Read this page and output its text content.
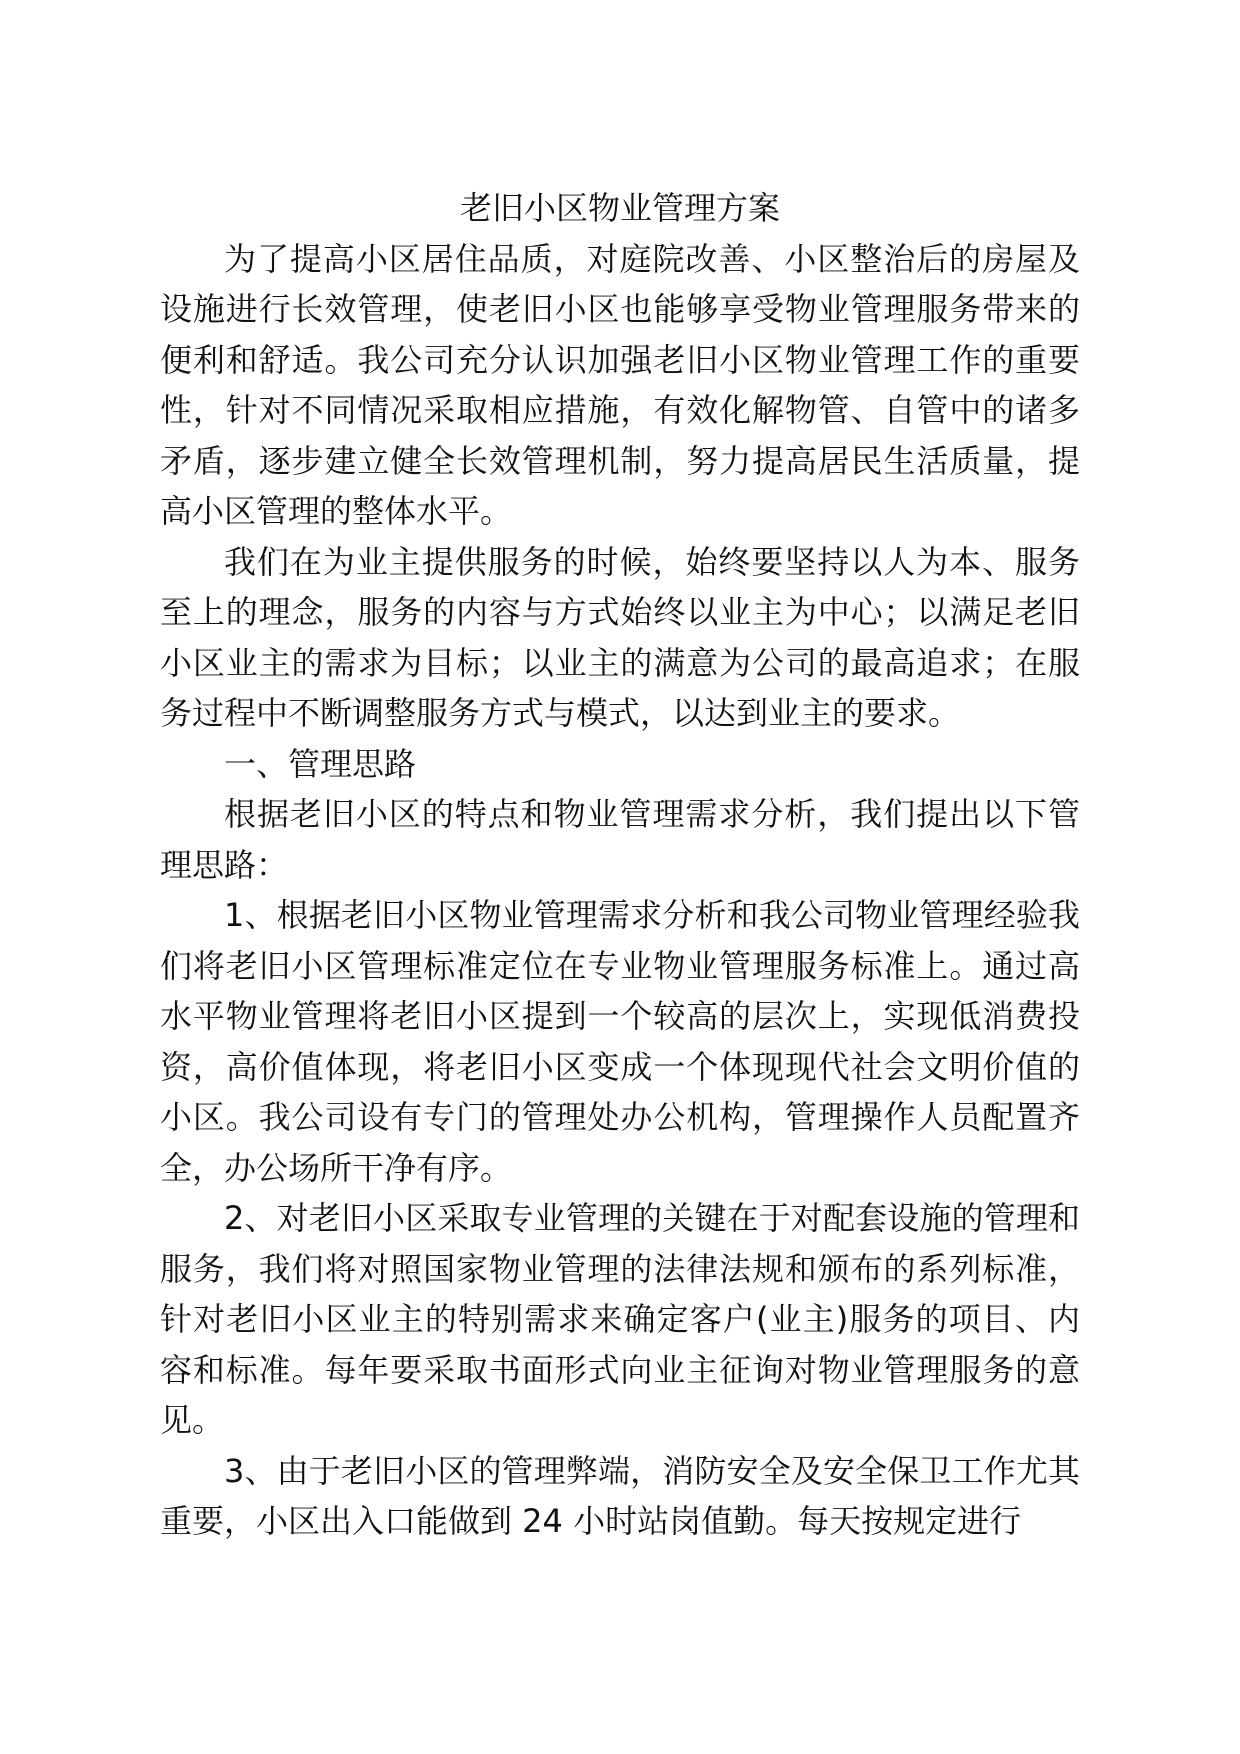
老旧小区物业管理方案

为了提高小区居住品质，对庭院改善、小区整治后的房屋及设施进行长效管理，使老旧小区也能够享受物业管理服务带来的便利和舒适。我公司充分认识加强老旧小区物业管理工作的重要性，针对不同情况采取相应措施，有效化解物管、自管中的诸多矛盾，逐步建立健全长效管理机制，努力提高居民生活质量，提高小区管理的整体水平。

我们在为业主提供服务的时候，始终要坚持以人为本、服务至上的理念，服务的内容与方式始终以业主为中心；以满足老旧小区业主的需求为目标；以业主的满意为公司的最高追求；在服务过程中不断调整服务方式与模式，以达到业主的要求。

一、管理思路

根据老旧小区的特点和物业管理需求分析，我们提出以下管理思路：

1、根据老旧小区物业管理需求分析和我公司物业管理经验我们将老旧小区管理标准定位在专业物业管理服务标准上。通过高水平物业管理将老旧小区提到一个较高的层次上，实现低消费投资，高价值体现，将老旧小区变成一个体现现代社会文明价值的小区。我公司设有专门的管理处办公机构，管理操作人员配置齐全，办公场所干净有序。

2、对老旧小区采取专业管理的关键在于对配套设施的管理和服务，我们将对照国家物业管理的法律法规和颁布的系列标准，针对老旧小区业主的特别需求来确定客户(业主)服务的项目、内容和标准。每年要采取书面形式向业主征询对物业管理服务的意见。

3、由于老旧小区的管理弊端，消防安全及安全保卫工作尤其重要，小区出入口能做到 24 小时站岗值勤。每天按规定进行
